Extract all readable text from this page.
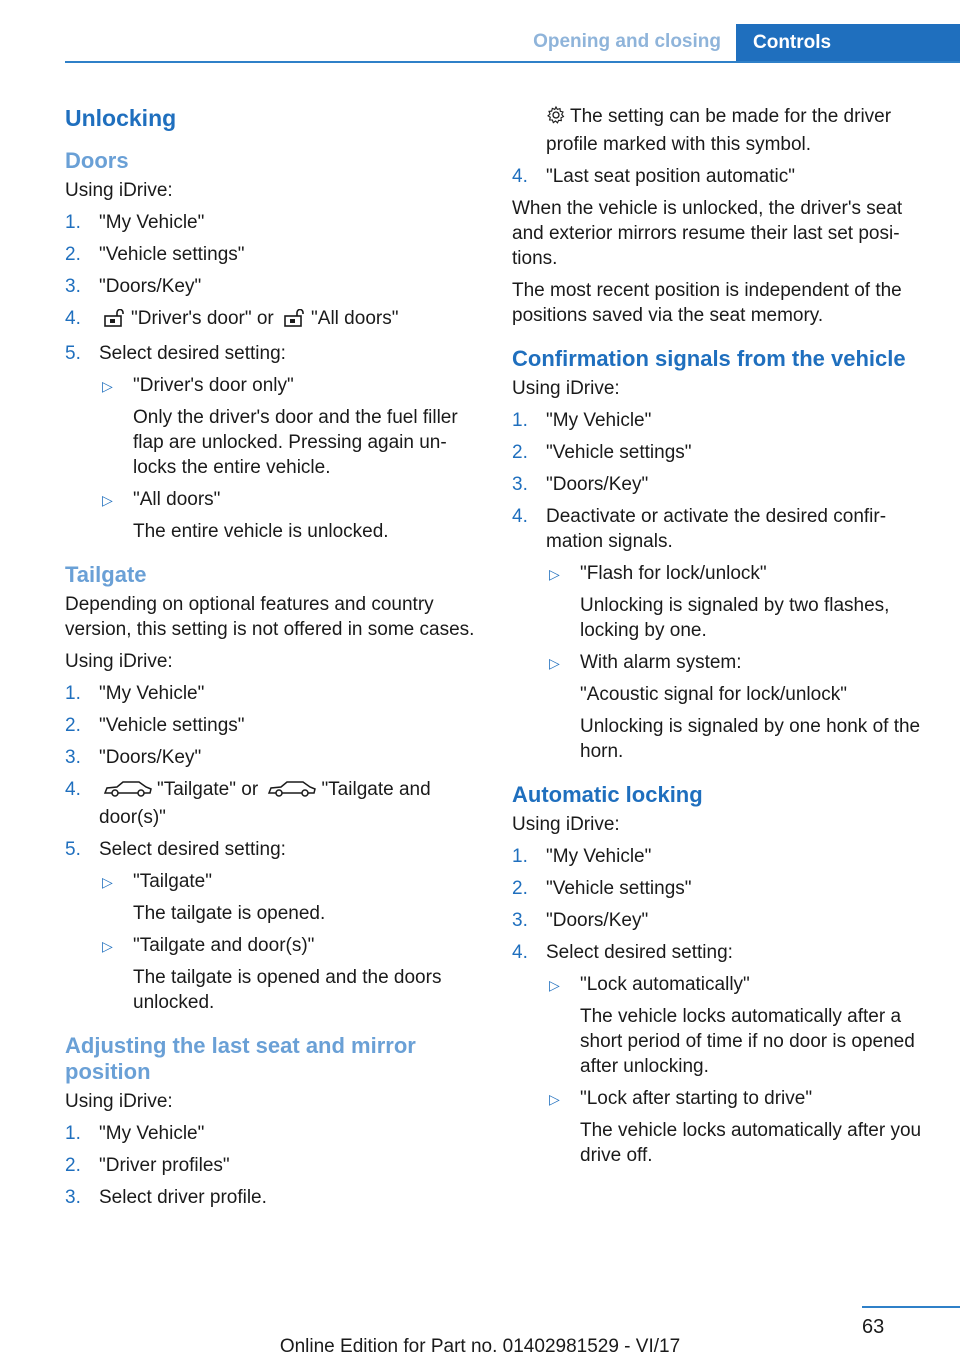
Opening and closing	Controls
Unlocking
Doors

Using iDrive:

1. "My Vehicle"
2. "Vehicle settings"
3. "Doors/Key"
4.	"Driver's door" or "All doors"
5. Select desired setting:
▷ "Driver's door only"
Only the driver's door and the fuel filler flap are unlocked. Pressing again un-locks the entire vehicle.
▷ "All doors"
The entire vehicle is unlocked.
Tailgate

Depending on optional features and country version, this setting is not offered in some cases.

Using iDrive:

1. "My Vehicle"
2. "Vehicle settings"
3. "Doors/Key"
4.	"Tailgate" or	"Tailgate and door(s)"
5. Select desired setting:
▷ "Tailgate"
The tailgate is opened.
▷ "Tailgate and door(s)"
The tailgate is opened and the doors unlocked.
Adjusting the last seat and mirror position

Using iDrive:

1. "My Vehicle"
2. "Driver profiles"
3. Select driver profile.

The setting can be made for the driver profile marked with this symbol.

4. "Last seat position automatic"

When the vehicle is unlocked, the driver's seat and exterior mirrors resume their last set posi-tions.

The most recent position is independent of the positions saved via the seat memory.

Confirmation signals from the vehicle

Using iDrive:

1. "My Vehicle"
2. "Vehicle settings"
3. "Doors/Key"
4. Deactivate or activate the desired confir-mation signals.
▷ "Flash for lock/unlock"
Unlocking is signaled by two flashes, locking by one.
▷ With alarm system:
"Acoustic signal for lock/unlock"
Unlocking is signaled by one honk of the horn.
Automatic locking

Using iDrive:

1. "My Vehicle"
2. "Vehicle settings"
3. "Doors/Key"
4. Select desired setting:
▷ "Lock automatically"
The vehicle locks automatically after a short period of time if no door is opened after unlocking.
▷ "Lock after starting to drive"
The vehicle locks automatically after you drive off.
63
Online Edition for Part no. 01402981529 - VI/17
